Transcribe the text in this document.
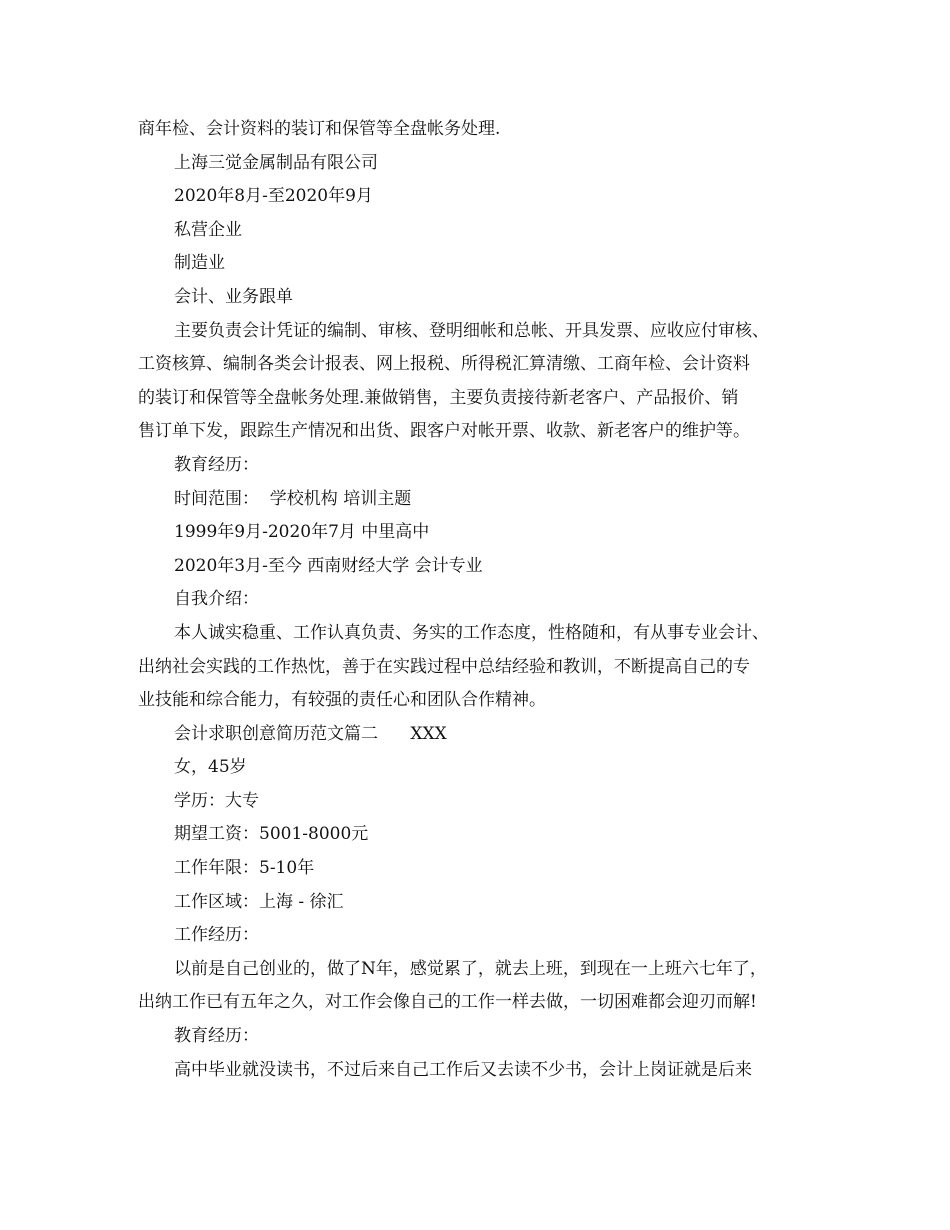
商年检、会计资料的装订和保管等全盘帐务处理.
上海三觉金属制品有限公司
2020年8月-至2020年9月
私营企业
制造业
会计、业务跟单
主要负责会计凭证的编制、审核、登明细帐和总帐、开具发票、应收应付审核、
工资核算、编制各类会计报表、网上报税、所得税汇算清缴、工商年检、会计资料
的装订和保管等全盘帐务处理.兼做销售，主要负责接待新老客户、产品报价、销
售订单下发，跟踪生产情况和出货、跟客户对帐开票、收款、新老客户的维护等。
教育经历：
时间范围：  学校机构 培训主题
1999年9月-2020年7月 中里高中
2020年3月-至今 西南财经大学 会计专业
自我介绍：
本人诚实稳重、工作认真负责、务实的工作态度，性格随和，有从事专业会计、
出纳社会实践的工作热忱，善于在实践过程中总结经验和教训，不断提高自己的专
业技能和综合能力，有较强的责任心和团队合作精神。
会计求职创意简历范文篇二      XXX
女，45岁
学历：大专
期望工资：5001-8000元
工作年限：5-10年
工作区域：上海 - 徐汇
工作经历：
以前是自己创业的，做了N年，感觉累了，就去上班，到现在一上班六七年了，
出纳工作已有五年之久，对工作会像自己的工作一样去做，一切困难都会迎刃而解!
教育经历：
高中毕业就没读书，不过后来自己工作后又去读不少书，会计上岗证就是后来
